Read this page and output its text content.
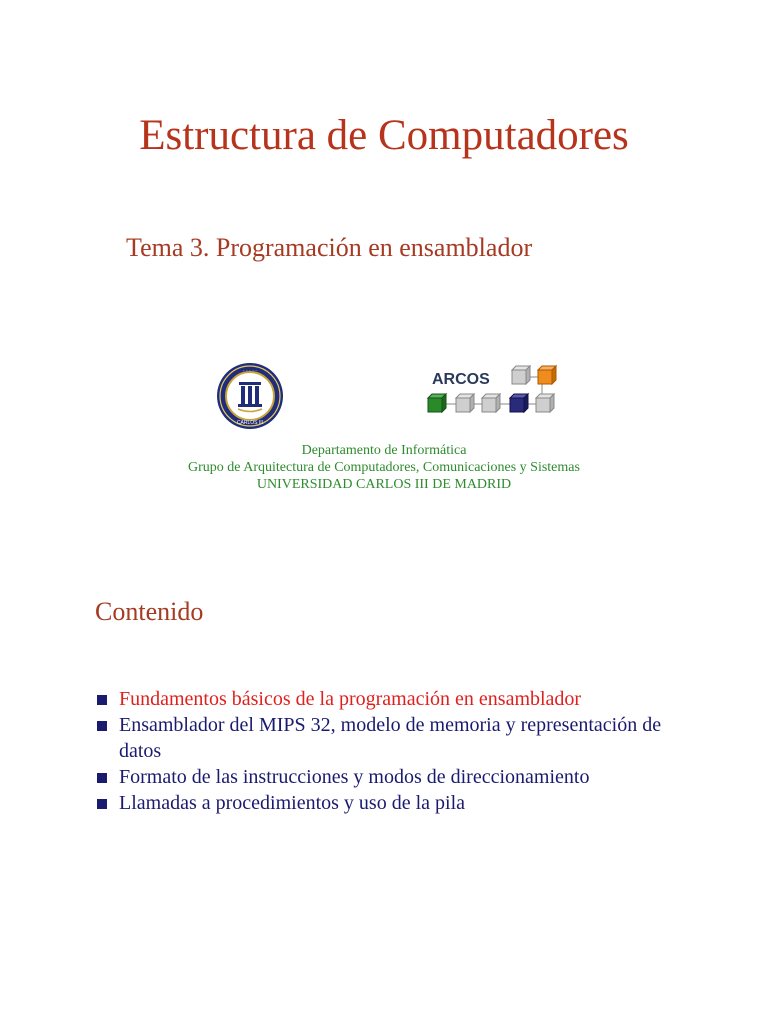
Estructura de Computadores
Tema 3. Programación en ensamblador
· · · · ·
CARLOS III
ARCOS

Departamento de Informática

Grupo de Arquitectura de Computadores, Comunicaciones y Sistemas

UNIVERSIDAD CARLOS III DE MADRID

Contenido
Fundamentos básicos de la programación en ensamblador
Ensamblador del MIPS 32, modelo de memoria y representación de datos
Formato de las instrucciones y modos de direccionamiento
Llamadas a procedimientos y uso de la pila
